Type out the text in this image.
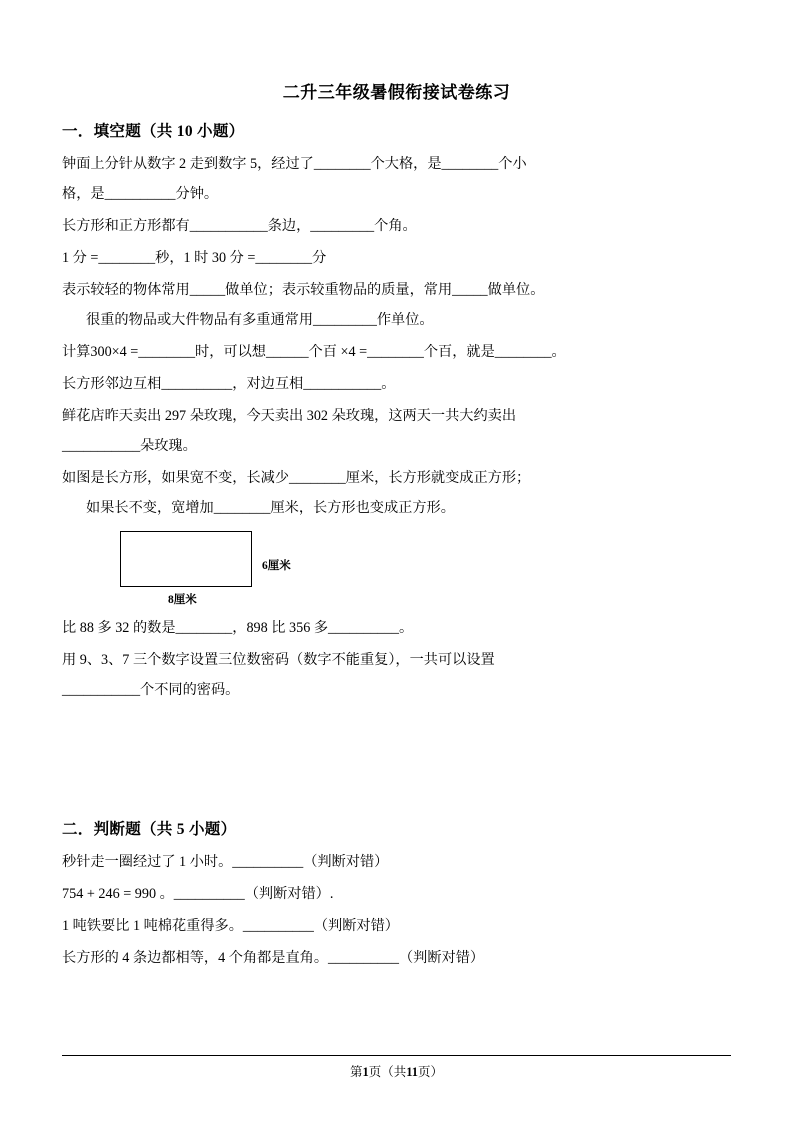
二升三年级暑假衔接试卷练习
一．填空题（共 10 小题）
钟面上分针从数字 2 走到数字 5，经过了________个大格，是________个小
格，是__________分钟。
长方形和正方形都有___________条边，_________个角。
1 分 =________秒，1 时 30 分 =________分
表示较轻的物体常用_____做单位；表示较重物品的质量，常用_____做单位。
很重的物品或大件物品有多重通常用_________作单位。
计算300×4 =________时，可以想______个百 ×4 =________个百，就是________。
长方形邻边互相__________，对边互相___________。
鲜花店昨天卖出 297 朵玫瑰，今天卖出 302 朵玫瑰，这两天一共大约卖出
___________朵玫瑰。
如图是长方形，如果宽不变，长减少________厘米，长方形就变成正方形；
如果长不变，宽增加________厘米，长方形也变成正方形。
6厘米
8厘米
比 88 多 32 的数是________，898 比 356 多__________。
用 9、3、7 三个数字设置三位数密码（数字不能重复），一共可以设置
___________个不同的密码。
二．判断题（共 5 小题）
秒针走一圈经过了 1 小时。__________（判断对错）
754 + 246 = 990 。__________（判断对错）.
1 吨铁要比 1 吨棉花重得多。__________（判断对错）
长方形的 4 条边都相等，4 个角都是直角。__________（判断对错）
第1页（共11页）
